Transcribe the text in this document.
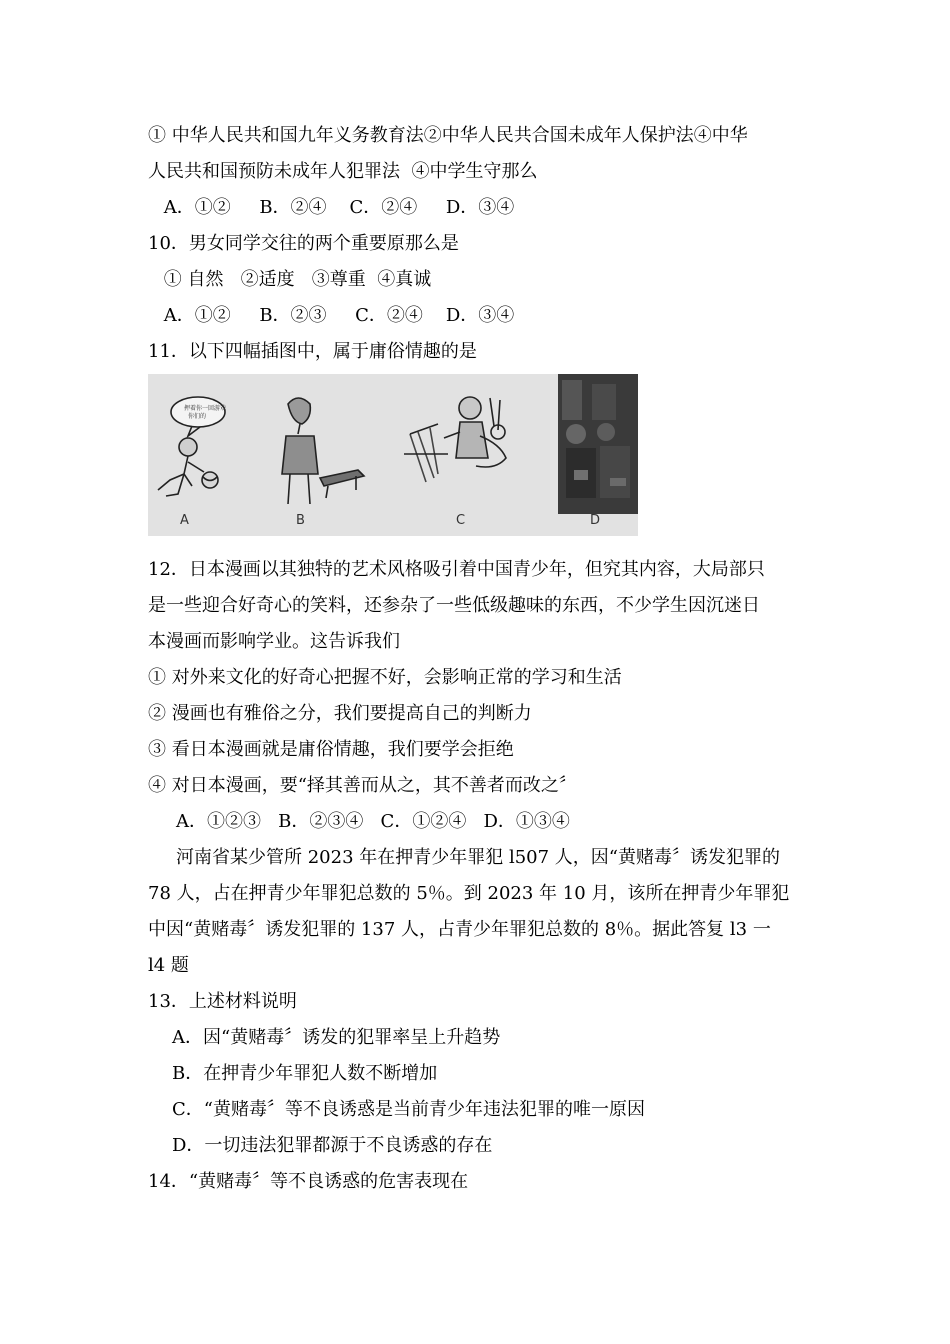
① 中华人民共和国九年义务教育法②中华人民共合国未成年人保护法④中华
人民共和国预防未成年人犯罪法  ④中学生守那么
A．①②     B．②④    C．②④     D．③④
10．男女同学交往的两个重要原那么是
① 自然   ②适度   ③尊重  ④真诚
A．①②     B．②③     C．②④    D．③④
11．以下四幅插图中，属于庸俗情趣的是
押着你一回游戏
你们的
A	B	C	D
12．日本漫画以其独特的艺术风格吸引着中国青少年，但究其内容，大局部只
是一些迎合好奇心的笑料，还参杂了一些低级趣味的东西，不少学生因沉迷日
本漫画而影响学业。这告诉我们
① 对外来文化的好奇心把握不好，会影响正常的学习和生活
② 漫画也有雅俗之分，我们要提高自己的判断力
③ 看日本漫画就是庸俗情趣，我们要学会拒绝
④ 对日本漫画，要“择其善而从之，其不善者而改之〞
A．①②③   B．②③④   C．①②④   D．①③④
河南省某少管所 2023 年在押青少年罪犯 l507 人，因“黄赌毒〞诱发犯罪的
78 人，占在押青少年罪犯总数的 5％。到 2023 年 10 月，该所在押青少年罪犯
中因“黄赌毒〞诱发犯罪的 137 人，占青少年罪犯总数的 8％。据此答复 l3 一
l4 题
13．上述材料说明
A．因“黄赌毒〞诱发的犯罪率呈上升趋势
B．在押青少年罪犯人数不断增加
C．“黄赌毒〞等不良诱惑是当前青少年违法犯罪的唯一原因
D．一切违法犯罪都源于不良诱惑的存在
14．“黄赌毒〞等不良诱惑的危害表现在
